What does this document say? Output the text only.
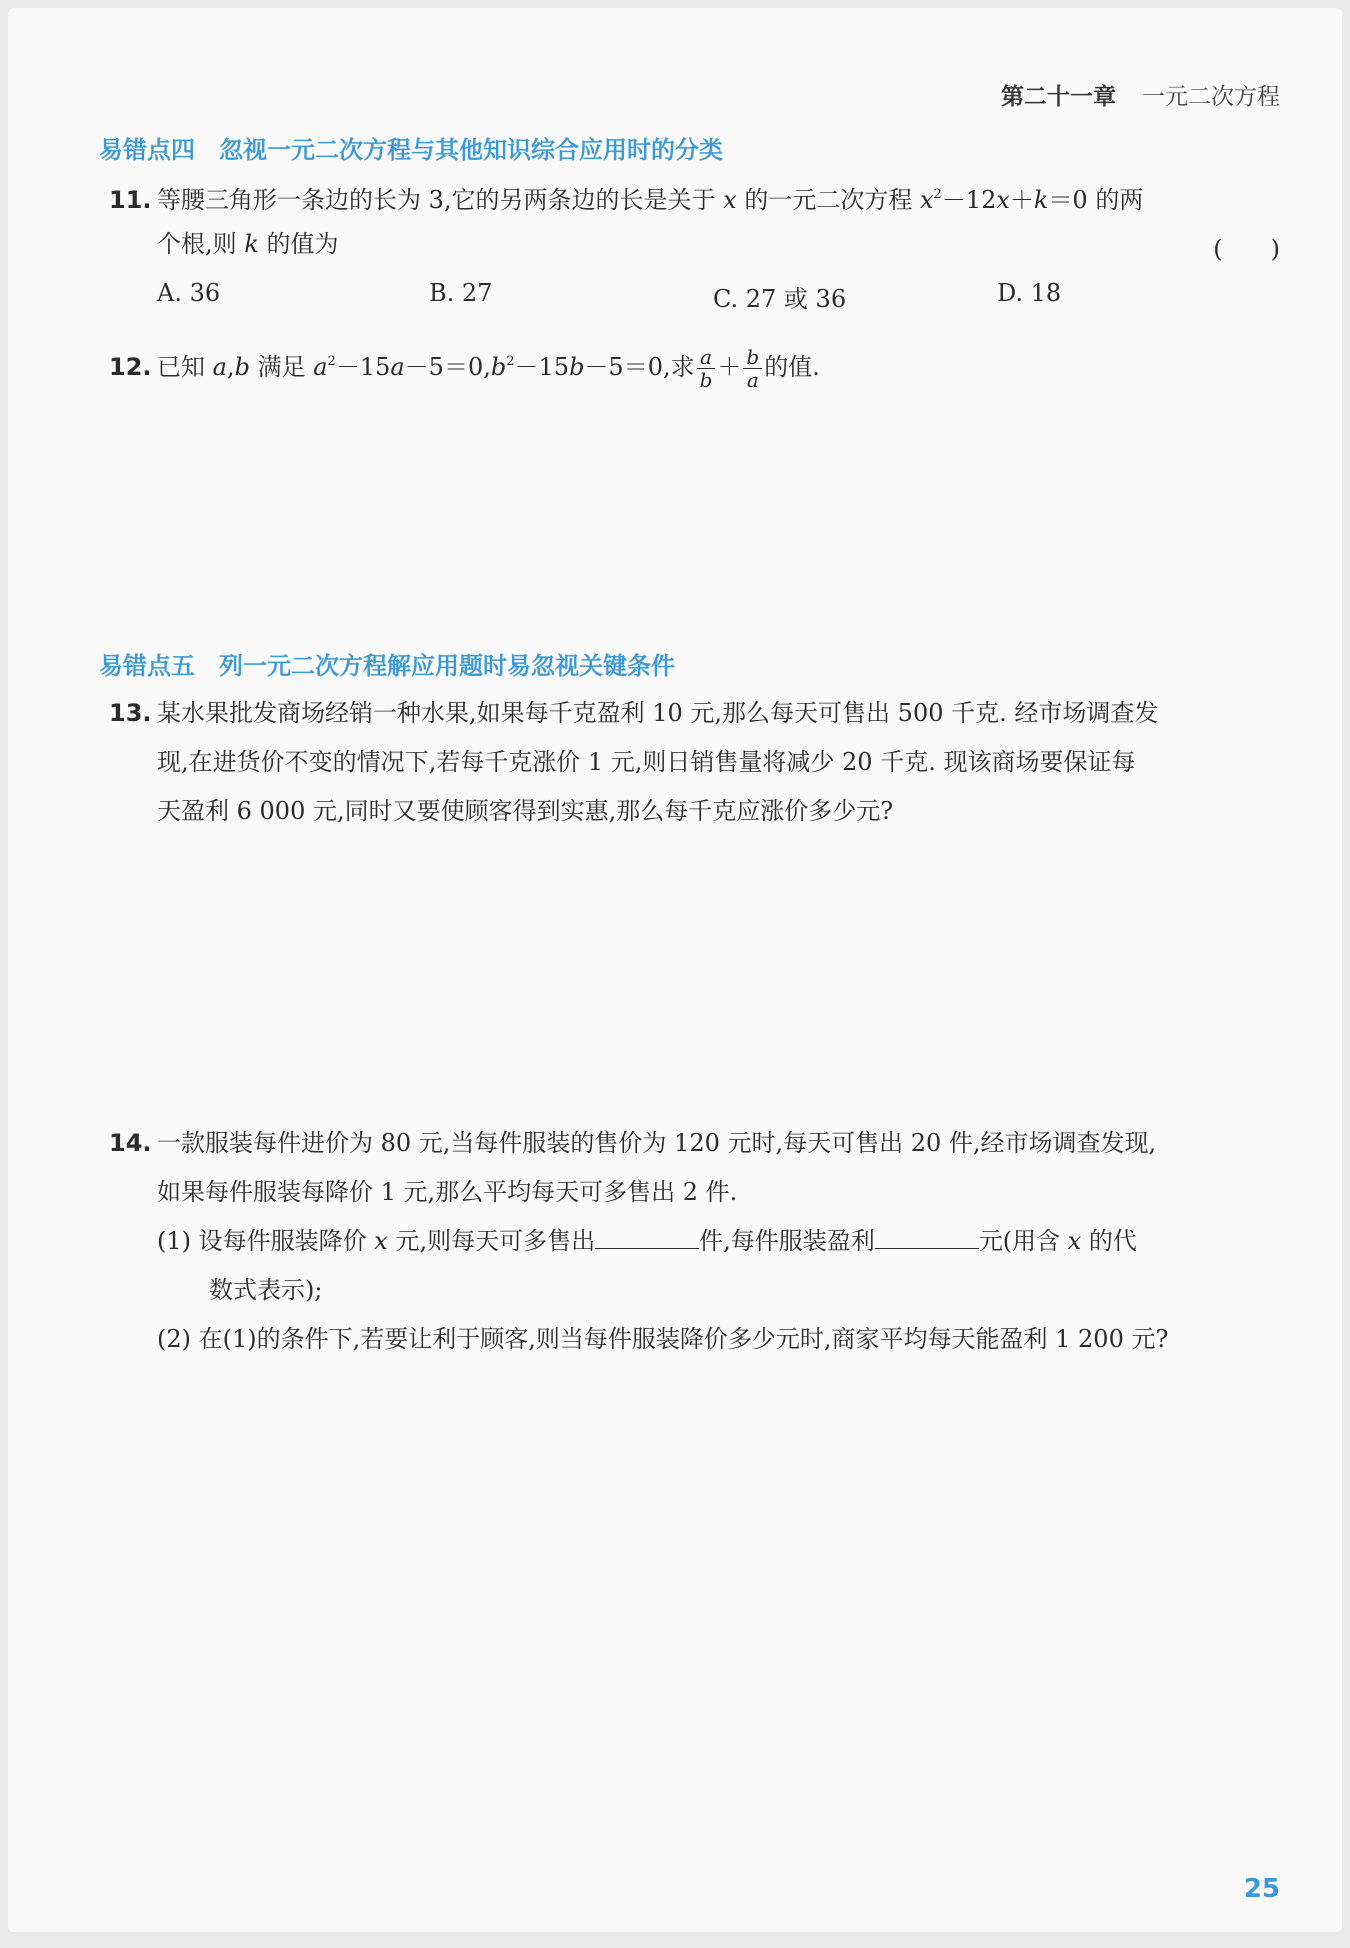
第二十一章 一元二次方程
易错点四 忽视一元二次方程与其他知识综合应用时的分类
11. 等腰三角形一条边的长为 3,它的另两条边的长是关于 x 的一元二次方程 $x^2-12x+k=0$ 的两
个根,则 k 的值为	(　　)
A. 36	B. 27	C. 27 或 36	D. 18
12. 已知 a,b 满足 $a^2-15a-5=0,b^2-15b-5=0$,求 $\frac{a}{b} + \frac{b}{a}$ 的值.
易错点五 列一元二次方程解应用题时易忽视关键条件
13. 某水果批发商场经销一种水果,如果每千克盈利 10 元,那么每天可售出 500 千克. 经市场调查发
现,在进货价不变的情况下,若每千克涨价 1 元,则日销售量将减少 20 千克. 现该商场要保证每
天盈利 6 000 元,同时又要使顾客得到实惠,那么每千克应涨价多少元?
14. 一款服装每件进价为 80 元,当每件服装的售价为 120 元时,每天可售出 20 件,经市场调查发现,
如果每件服装每降价 1 元,那么平均每天可多售出 2 件.
(1) 设每件服装降价 x 元,则每天可多售出	件,每件服装盈利	元(用含 x 的代
数式表示);
(2) 在(1)的条件下,若要让利于顾客,则当每件服装降价多少元时,商家平均每天能盈利 1 200 元?
25
